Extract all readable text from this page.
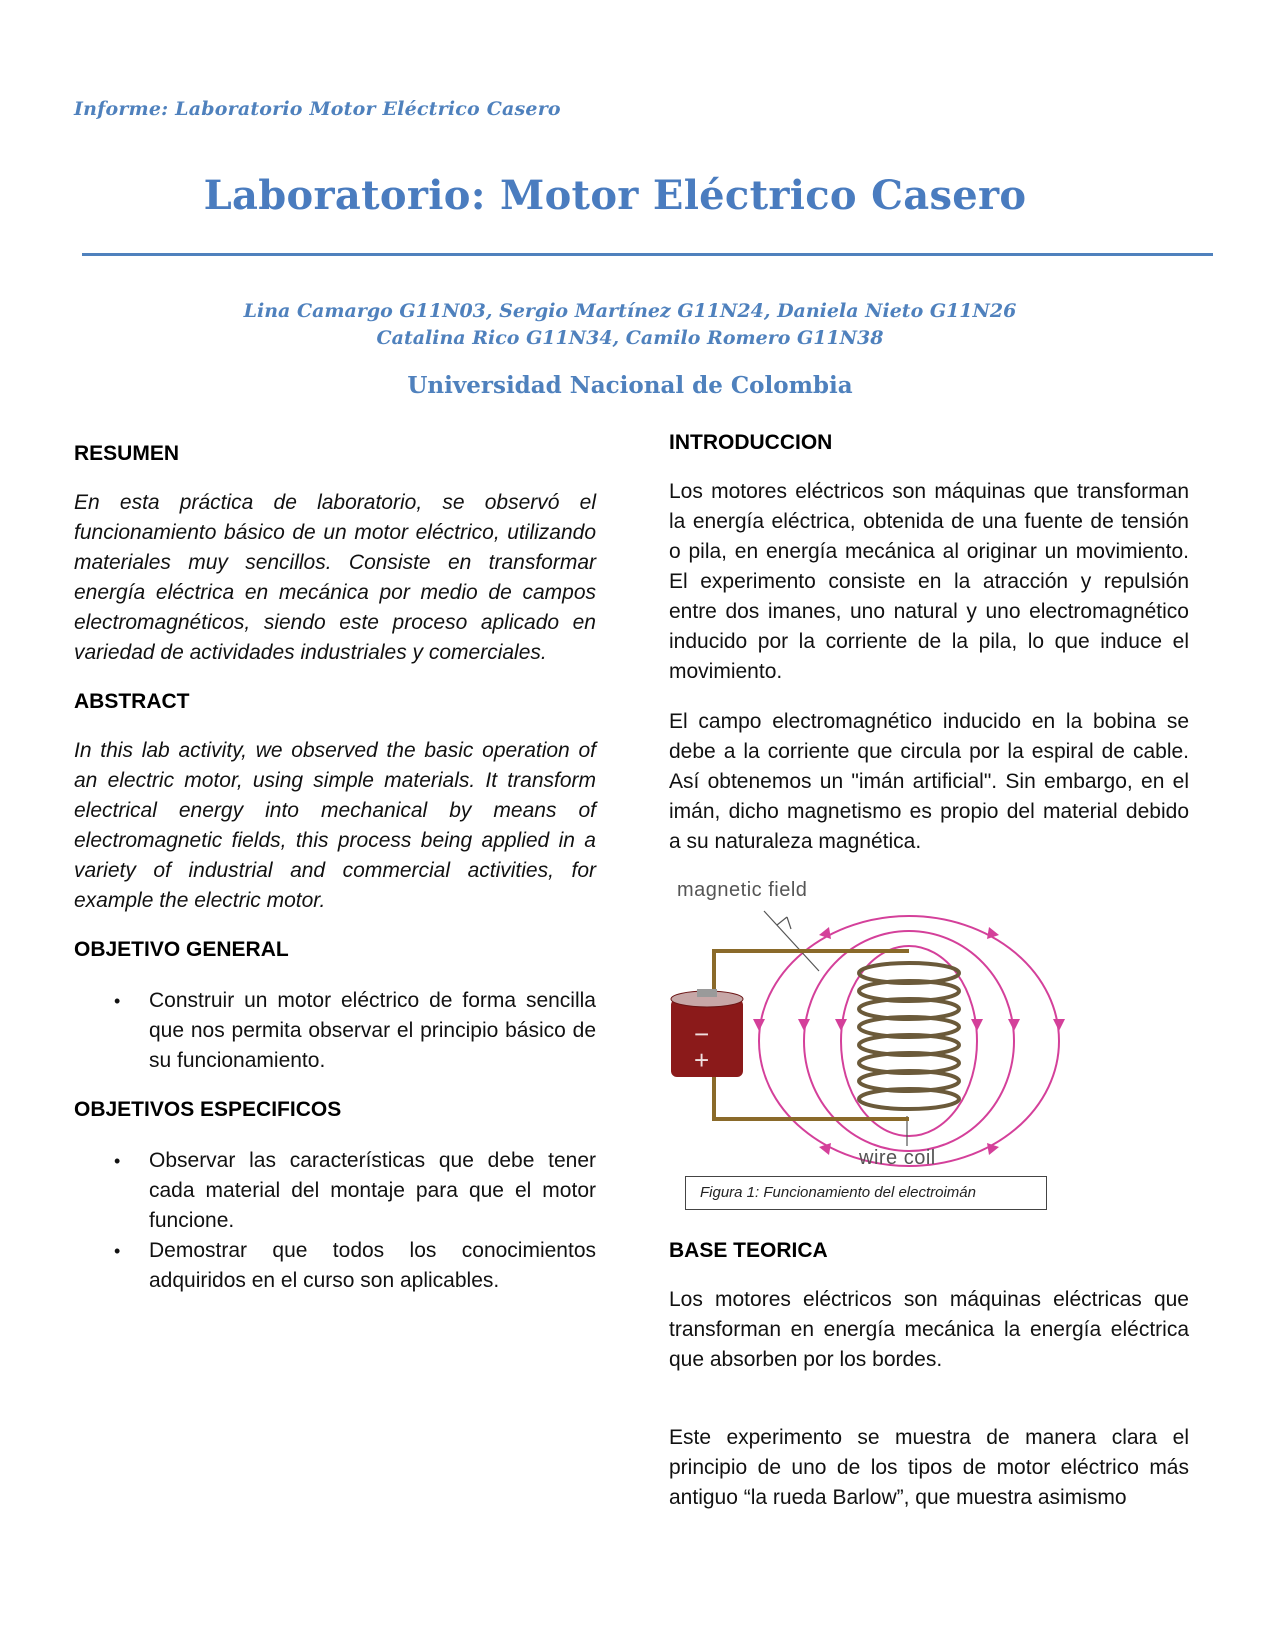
Informe: Laboratorio Motor Eléctrico Casero
Laboratorio: Motor Eléctrico Casero
Lina Camargo G11N03, Sergio Martínez G11N24, Daniela Nieto G11N26
Catalina Rico G11N34, Camilo Romero G11N38
Universidad Nacional de Colombia
RESUMEN

En esta práctica de laboratorio, se observó el funcionamiento básico de un motor eléctrico, utilizando materiales muy sencillos. Consiste en transformar energía eléctrica en mecánica por medio de campos electromagnéticos, siendo este proceso aplicado en variedad de actividades industriales y comerciales.

ABSTRACT

In this lab activity, we observed the basic operation of an electric motor, using simple materials. It transform electrical energy into mechanical by means of electromagnetic fields, this process being applied in a variety of industrial and commercial activities, for example the electric motor.

OBJETIVO GENERAL
• Construir un motor eléctrico de forma sencilla que nos permita observar el principio básico de su funcionamiento.
OBJETIVOS ESPECIFICOS
• Observar las características que debe tener cada material del montaje para que el motor funcione.
• Demostrar que todos los conocimientos adquiridos en el curso son aplicables.
INTRODUCCION

Los motores eléctricos son máquinas que transforman la energía eléctrica, obtenida de una fuente de tensión o pila, en energía mecánica al originar un movimiento. El experimento consiste en la atracción y repulsión entre dos imanes, uno natural y uno electromagnético inducido por la corriente de la pila, lo que induce el movimiento.

El campo electromagnético inducido en la bobina se debe a la corriente que circula por la espiral de cable. Así obtenemos un "imán artificial". Sin embargo, en el imán, dicho magnetismo es propio del material debido a su naturaleza magnética.

magnetic field
wire coil
−
+
Figura 1: Funcionamiento del electroimán
BASE TEORICA

Los motores eléctricos son máquinas eléctricas que transforman en energía mecánica la energía eléctrica que absorben por los bordes.

Este experimento se muestra de manera clara el principio de uno de los tipos de motor eléctrico más antiguo “la rueda Barlow”, que muestra asimismo
